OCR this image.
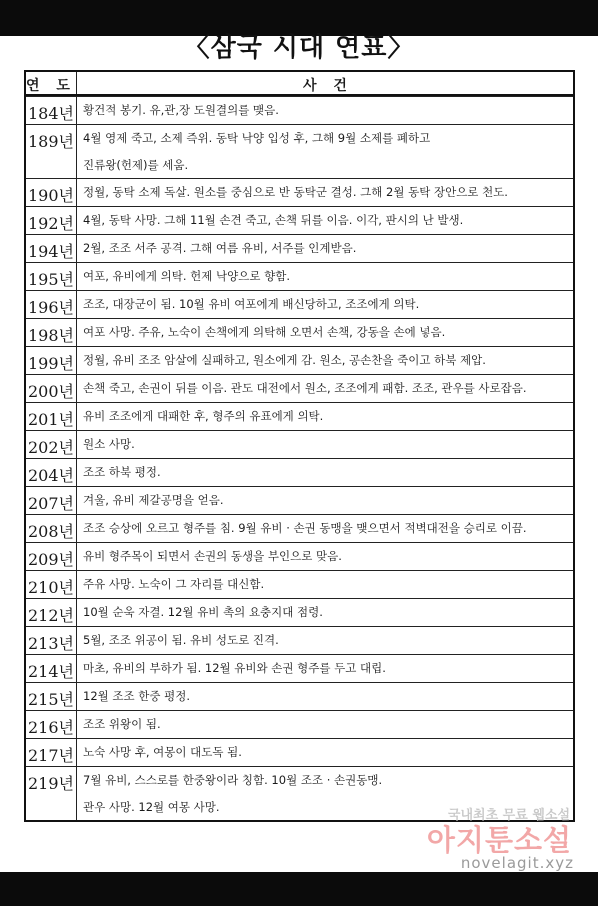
〈삼국 시대 연표〉
연 도	사 건
184년 황건적 봉기. 유,관,장 도원결의를 맺음.
189년 4월 영제 죽고, 소제 즉위. 동탁 낙양 입성 후, 그해 9월 소제를 폐하고
진류왕(헌제)를 세움.
190년 정월, 동탁 소제 독살. 원소를 중심으로 반 동탁군 결성. 그해 2월 동탁 장안으로 천도.
192년 4월, 동탁 사망. 그해 11월 손견 죽고, 손책 뒤를 이음. 이각, 판시의 난 발생.
194년 2월, 조조 서주 공격. 그해 여름 유비, 서주를 인계받음.
195년 여포, 유비에게 의탁. 헌제 낙양으로 향함.
196년 조조, 대장군이 됨. 10월 유비 여포에게 배신당하고, 조조에게 의탁.
198년 여포 사망. 주유, 노숙이 손책에게 의탁해 오면서 손책, 강동을 손에 넣음.
199년 정월, 유비 조조 암살에 실패하고, 원소에게 감. 원소, 공손찬을 죽이고 하북 제압.
200년 손책 죽고, 손권이 뒤를 이음. 관도 대전에서 원소, 조조에게 패함. 조조, 관우를 사로잡음.
201년 유비 조조에게 대패한 후, 형주의 유표에게 의탁.
202년 원소 사망.
204년 조조 하북 평정.
207년 겨울, 유비 제갈공명을 얻음.
208년 조조 승상에 오르고 형주를 침. 9월 유비 · 손권 동맹을 맺으면서 적벽대전을 승리로 이끔.
209년 유비 형주목이 되면서 손권의 동생을 부인으로 맞음.
210년 주유 사망. 노숙이 그 자리를 대신함.
212년 10월 순욱 자결. 12월 유비 촉의 요충지대 점령.
213년 5월, 조조 위공이 됨. 유비 성도로 진격.
214년 마초, 유비의 부하가 됨. 12월 유비와 손권 형주를 두고 대립.
215년 12월 조조 한중 평정.
216년 조조 위왕이 됨.
217년 노숙 사망 후, 여몽이 대도독 됨.
219년 7월 유비, 스스로를 한중왕이라 칭함. 10월 조조 · 손권동맹.
관우 사망. 12월 여몽 사망.
국내최초 무료 웹소설
아지툰소설
novelagit.xyz
